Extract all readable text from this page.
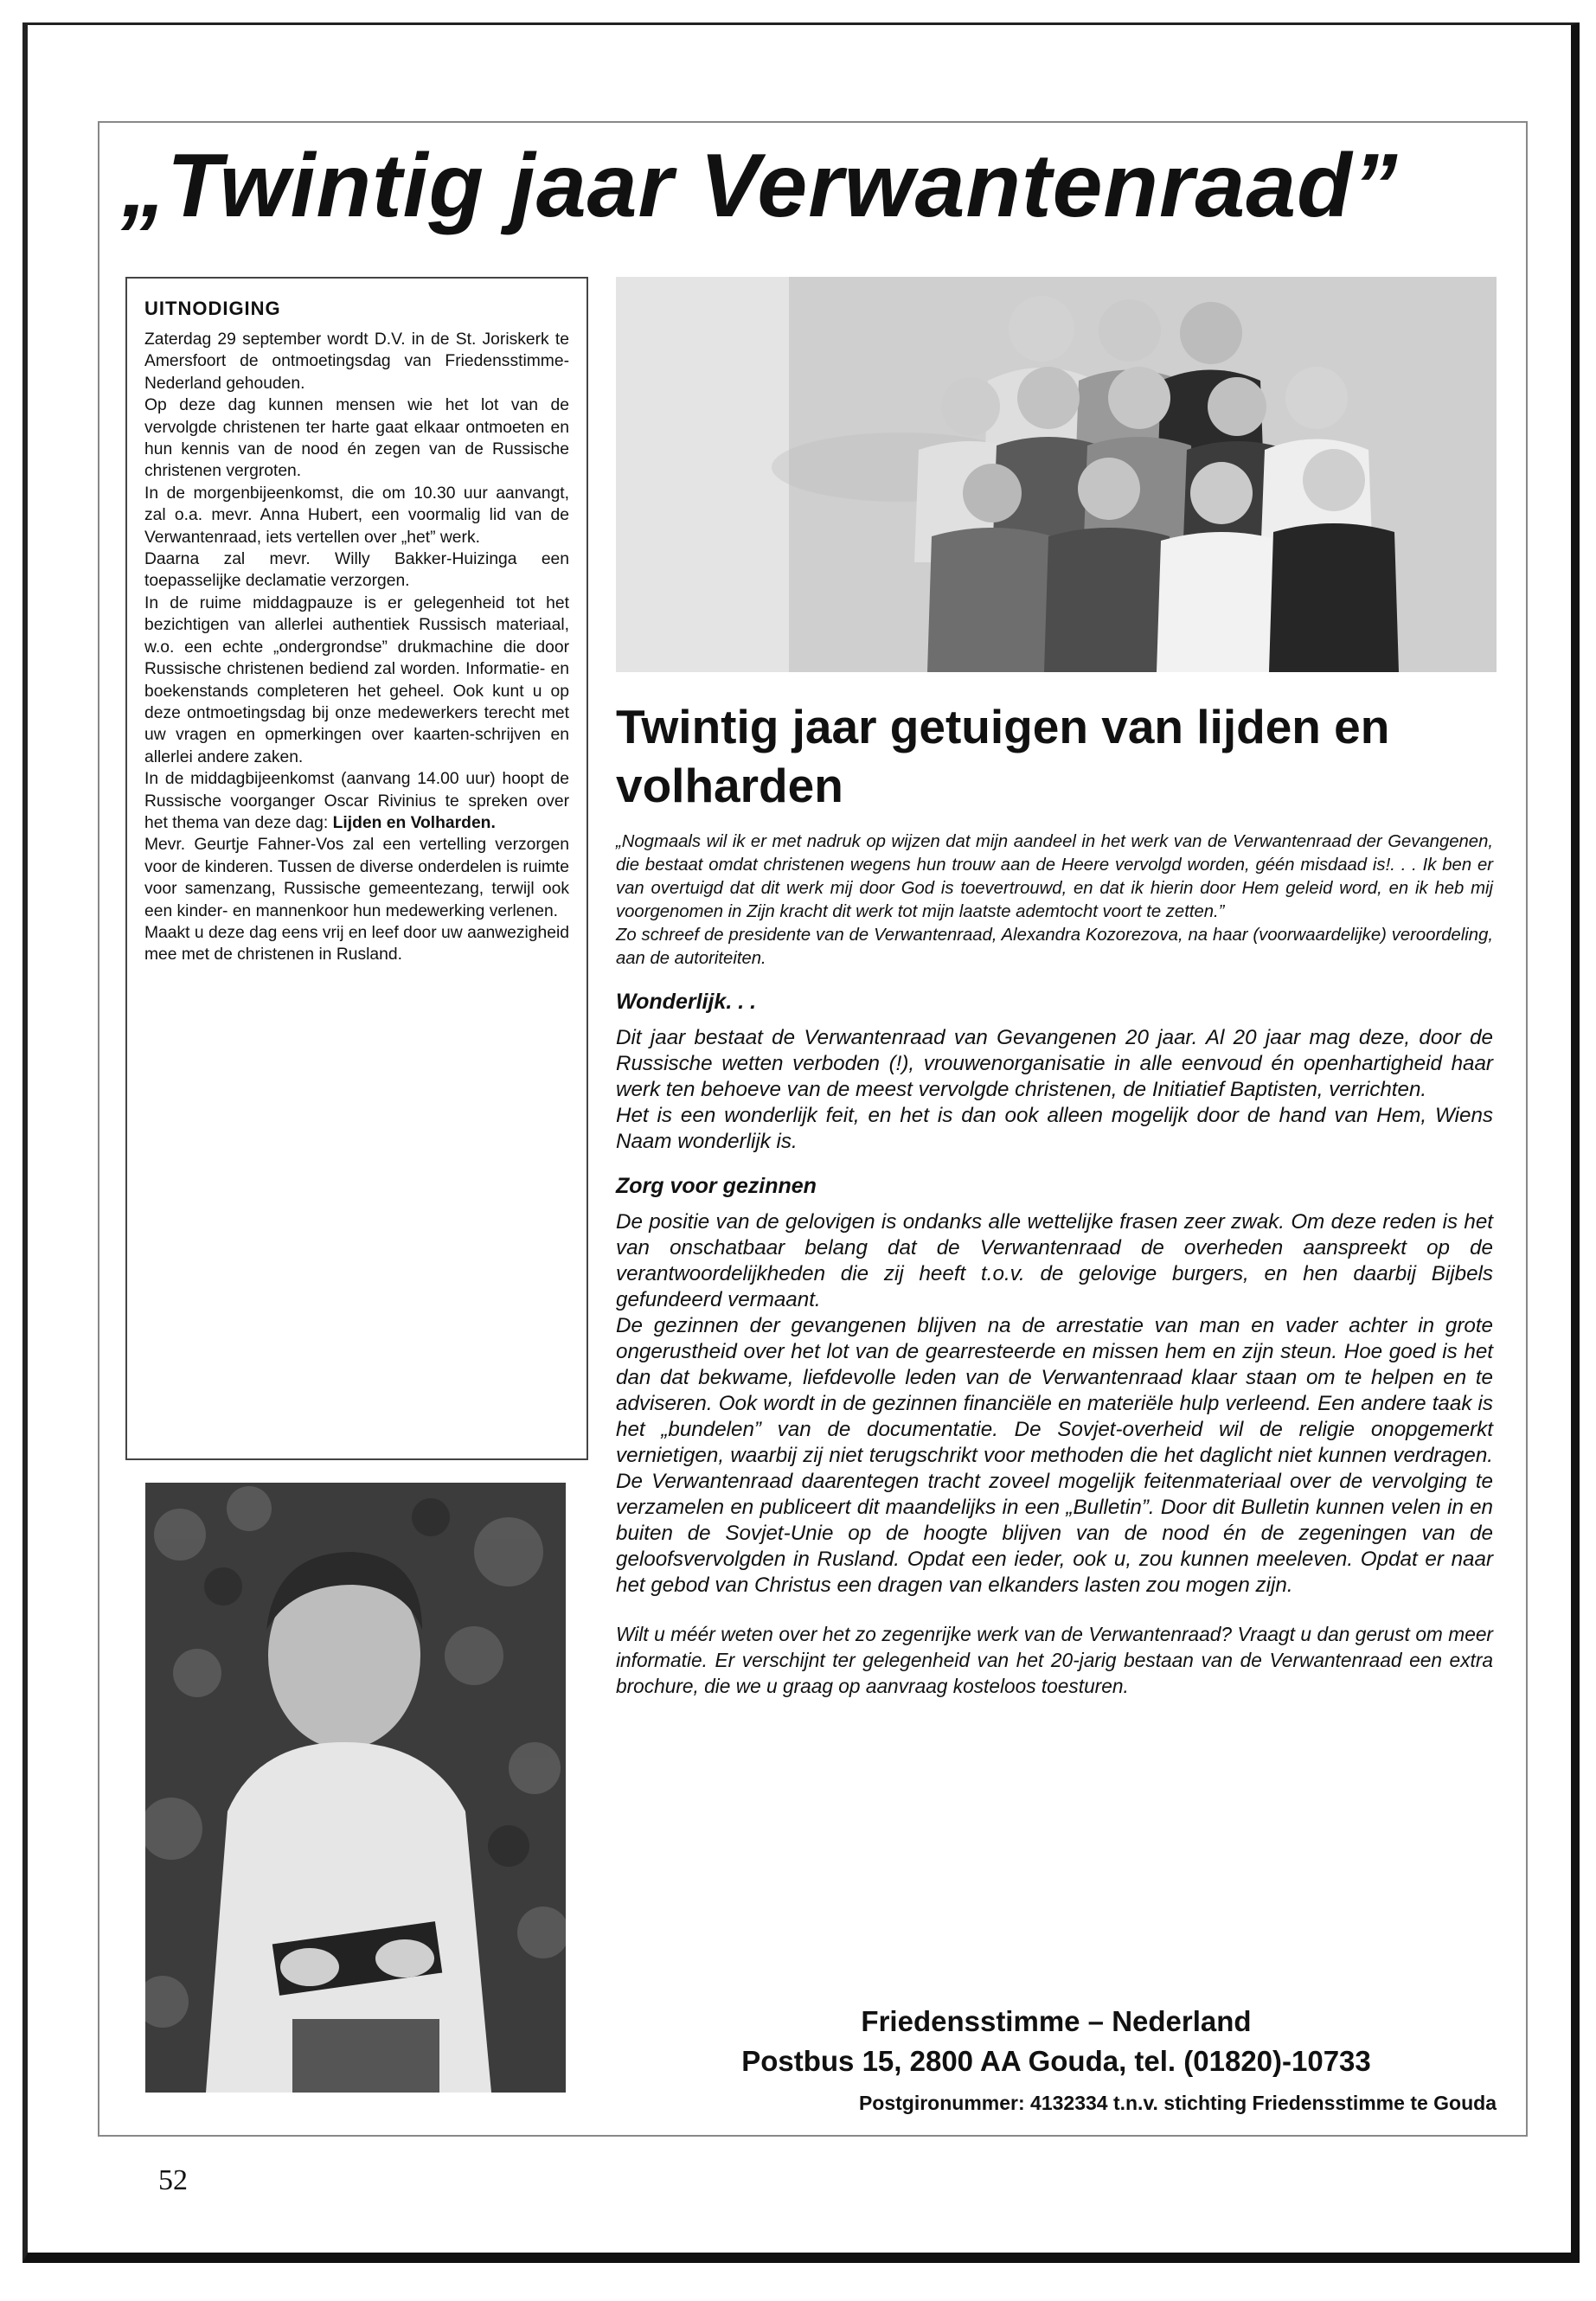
„Twintig jaar Verwantenraad”

UITNODIGING

Zaterdag 29 september wordt D.V. in de St. Joriskerk te Amersfoort de ontmoetingsdag van Friedensstimme-Nederland gehouden.
Op deze dag kunnen mensen wie het lot van de vervolgde christenen ter harte gaat elkaar ontmoeten en hun kennis van de nood én zegen van de Russische christenen vergroten.
In de morgenbijeenkomst, die om 10.30 uur aanvangt, zal o.a. mevr. Anna Hubert, een voormalig lid van de Verwantenraad, iets vertellen over „het” werk.
Daarna zal mevr. Willy Bakker-Huizinga een toepasselijke declamatie verzorgen.
In de ruime middagpauze is er gelegenheid tot het bezichtigen van allerlei authentiek Russisch materiaal, w.o. een echte „ondergrondse” drukmachine die door Russische christenen bediend zal worden. Informatie- en boekenstands completeren het geheel. Ook kunt u op deze ontmoetingsdag bij onze medewerkers terecht met uw vragen en opmerkingen over kaarten-schrijven en allerlei andere zaken.
In de middagbijeenkomst (aanvang 14.00 uur) hoopt de Russische voorganger Oscar Rivinius te spreken over het thema van deze dag: Lijden en Volharden.
Mevr. Geurtje Fahner-Vos zal een vertelling verzorgen voor de kinderen. Tussen de diverse onderdelen is ruimte voor samenzang, Russische gemeentezang, terwijl ook een kinder- en mannenkoor hun medewerking verlenen.
Maakt u deze dag eens vrij en leef door uw aanwezigheid mee met de christenen in Rusland.

Twintig jaar getuigen van lijden en volharden

„Nogmaals wil ik er met nadruk op wijzen dat mijn aandeel in het werk van de Verwantenraad der Gevangenen, die bestaat omdat christenen wegens hun trouw aan de Heere vervolgd worden, géén misdaad is!. . . Ik ben er van overtuigd dat dit werk mij door God is toevertrouwd, en dat ik hierin door Hem geleid word, en ik heb mij voorgenomen in Zijn kracht dit werk tot mijn laatste ademtocht voort te zetten.”
Zo schreef de presidente van de Verwantenraad, Alexandra Kozorezova, na haar (voorwaardelijke) veroordeling, aan de autoriteiten.

Wonderlijk. . .

Dit jaar bestaat de Verwantenraad van Gevangenen 20 jaar. Al 20 jaar mag deze, door de Russische wetten verboden (!), vrouwenorganisatie in alle eenvoud én openhartigheid haar werk ten behoeve van de meest vervolgde christenen, de Initiatief Baptisten, verrichten.
Het is een wonderlijk feit, en het is dan ook alleen mogelijk door de hand van Hem, Wiens Naam wonderlijk is.

Zorg voor gezinnen

De positie van de gelovigen is ondanks alle wettelijke frasen zeer zwak. Om deze reden is het van onschatbaar belang dat de Verwantenraad de overheden aanspreekt op de verantwoordelijkheden die zij heeft t.o.v. de gelovige burgers, en hen daarbij Bijbels gefundeerd vermaant.
De gezinnen der gevangenen blijven na de arrestatie van man en vader achter in grote ongerustheid over het lot van de gearresteerde en missen hem en zijn steun. Hoe goed is het dan dat bekwame, liefdevolle leden van de Verwantenraad klaar staan om te helpen en te adviseren. Ook wordt in de gezinnen financiële en materiële hulp verleend. Een andere taak is het „bundelen” van de documentatie. De Sovjet-overheid wil de religie onopgemerkt vernietigen, waarbij zij niet terugschrikt voor methoden die het daglicht niet kunnen verdragen. De Verwantenraad daarentegen tracht zoveel mogelijk feitenmateriaal over de vervolging te verzamelen en publiceert dit maandelijks in een „Bulletin”. Door dit Bulletin kunnen velen in en buiten de Sovjet-Unie op de hoogte blijven van de nood én de zegeningen van de geloofsvervolgden in Rusland. Opdat een ieder, ook u, zou kunnen meeleven. Opdat er naar het gebod van Christus een dragen van elkanders lasten zou mogen zijn.

Wilt u méér weten over het zo zegenrijke werk van de Verwantenraad? Vraagt u dan gerust om meer informatie. Er verschijnt ter gelegenheid van het 20-jarig bestaan van de Verwantenraad een extra brochure, die we u graag op aanvraag kosteloos toesturen.

Friedensstimme – Nederland

Postbus 15, 2800 AA Gouda, tel. (01820)-10733

Postgironummer: 4132334 t.n.v. stichting Friedensstimme te Gouda

52
